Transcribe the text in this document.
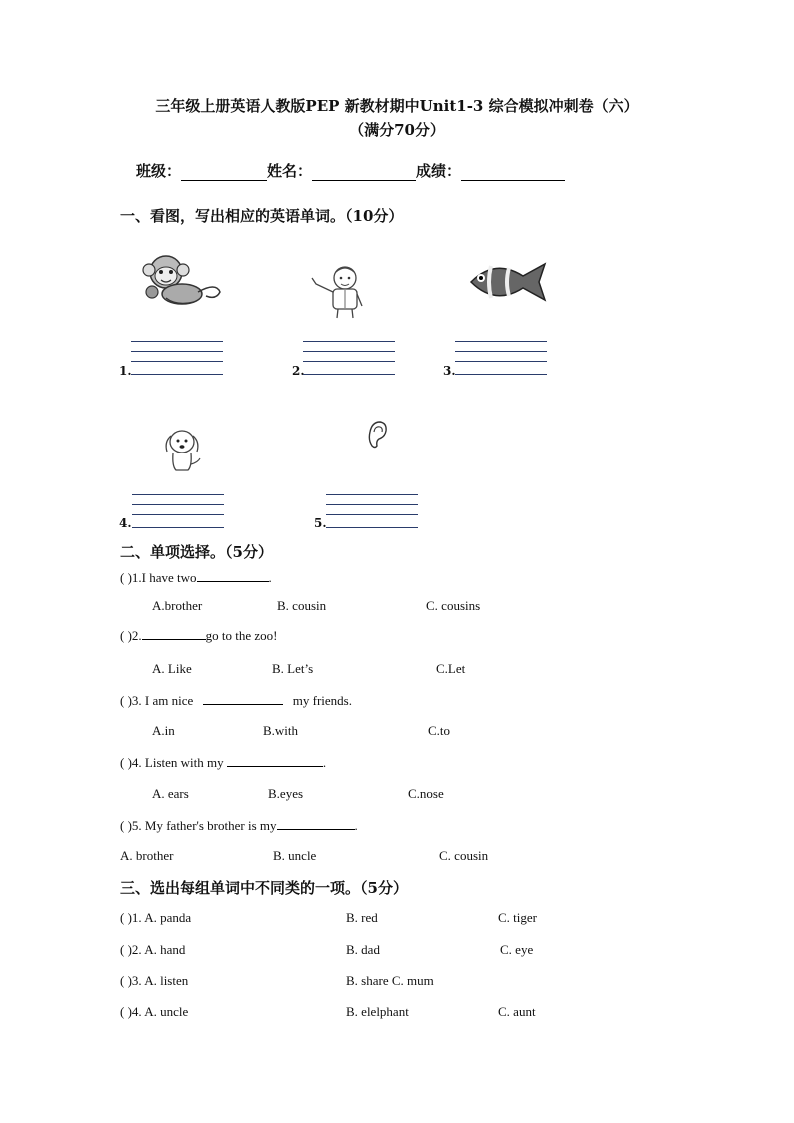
三年级上册英语人教版PEP 新教材期中Unit1-3 综合模拟冲刺卷（六）
（满分70分）
班级：	姓名：	成绩：
一、看图，写出相应的英语单词。（10分）
1.	2.	3.
4.	5.
二、单项选择。（5分）
( )1.I have two	.
A.brother	B. cousin	C. cousins
( )2.	go to the zoo!
A. Like	B. Let’s	C.Let
( )3. I am nice	my friends.
A.in	B.with	C.to
( )4. Listen with my	.
A. ears	B.eyes	C.nose
( )5. My father's brother is my	.
A. brother	B. uncle	C. cousin
三、选出每组单词中不同类的一项。（5分）
( )1. A. panda	B. red	C. tiger
( )2. A. hand	B. dad	C. eye
( )3. A. listen	B. share C. mum
( )4. A. uncle	B. elelphant	C. aunt
